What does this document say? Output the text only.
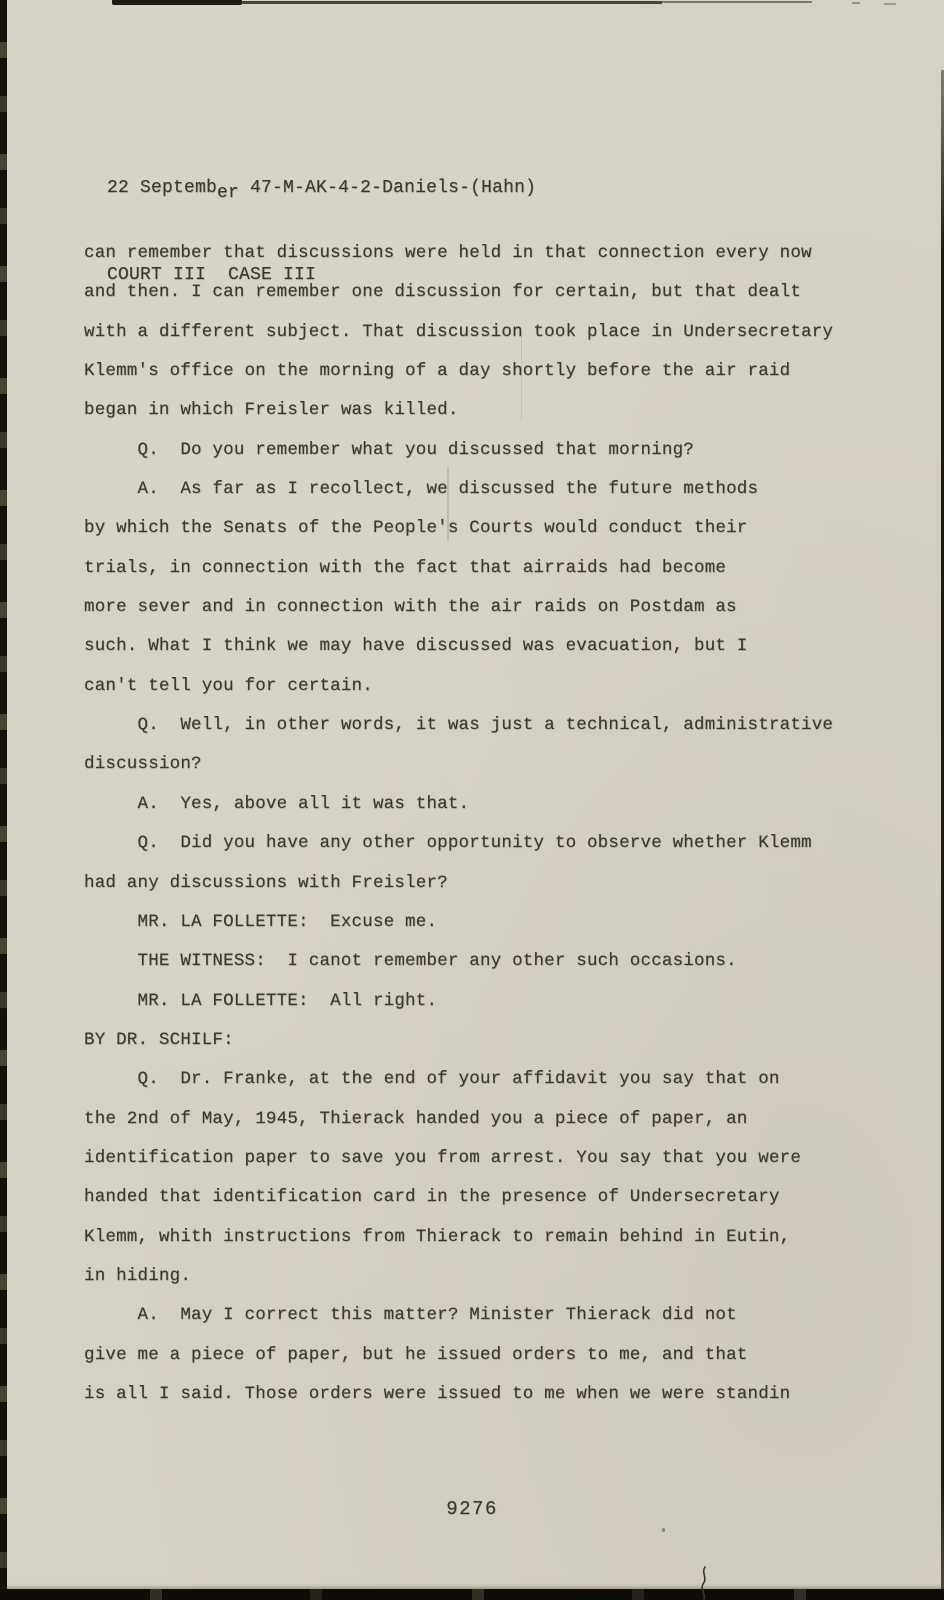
22 September 47-M-AK-4-2-Daniels-(Hahn)

COURT III  CASE III

can remember that discussions were held in that connection every now
and then. I can remember one discussion for certain, but that dealt
with a different subject. That discussion took place in Undersecretary
Klemm's office on the morning of a day shortly before the air raid
began in which Freisler was killed.
Q.  Do you remember what you discussed that morning?
A.  As far as I recollect, we discussed the future methods
by which the Senats of the People's Courts would conduct their
trials, in connection with the fact that airraids had become
more sever and in connection with the air raids on Postdam as
such. What I think we may have discussed was evacuation, but I
can't tell you for certain.
Q.  Well, in other words, it was just a technical, administrative
discussion?
A.  Yes, above all it was that.
Q.  Did you have any other opportunity to observe whether Klemm
had any discussions with Freisler?
MR. LA FOLLETTE:  Excuse me.
THE WITNESS:  I canot remember any other such occasions.
MR. LA FOLLETTE:  All right.
BY DR. SCHILF:
Q.  Dr. Franke, at the end of your affidavit you say that on
the 2nd of May, 1945, Thierack handed you a piece of paper, an
identification paper to save you from arrest. You say that you were
handed that identification card in the presence of Undersecretary
Klemm, whith instructions from Thierack to remain behind in Eutin,
in hiding.
A.  May I correct this matter? Minister Thierack did not
give me a piece of paper, but he issued orders to me, and that
is all I said. Those orders were issued to me when we were standin
9276
